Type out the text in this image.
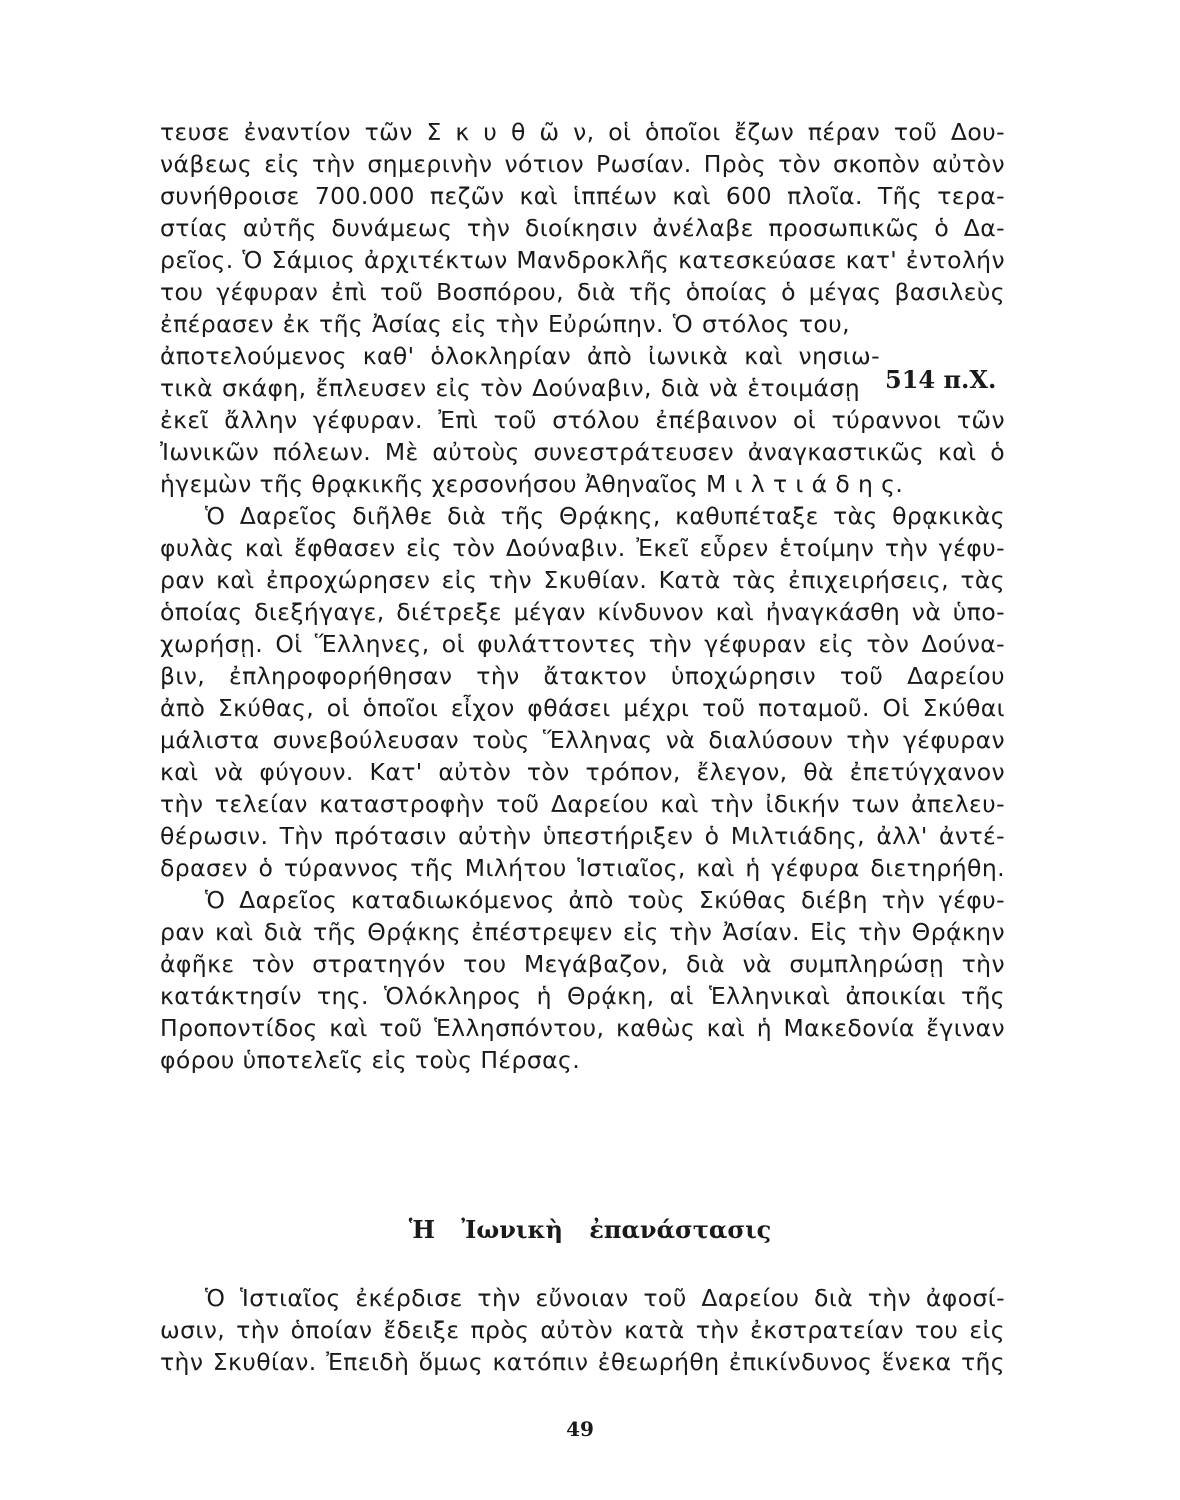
τευσε ἐναντίον τῶν Σ κ υ θ ῶ ν, οἱ ὁποῖοι ἔζων πέραν τοῦ Δου-

νάβεως εἰς τὴν σημερινὴν νότιον Ρωσίαν. Πρὸς τὸν σκοπὸν αὐτὸν

συνήθροισε 700.000 πεζῶν καὶ ἱππέων καὶ 600 πλοῖα. Τῆς τερα-

στίας αὐτῆς δυνάμεως τὴν διοίκησιν ἀνέλαβε προσωπικῶς ὁ Δα-

ρεῖος. Ὁ Σάμιος ἀρχιτέκτων Μανδροκλῆς κατεσκεύασε κατ' ἐντολήν

του γέφυραν ἐπὶ τοῦ Βοσπόρου, διὰ τῆς ὁποίας ὁ μέγας βασιλεὺς

ἐπέρασεν ἐκ τῆς Ἀσίας εἰς τὴν Εὐρώπην. Ὁ στόλος του,

ἀποτελούμενος καθ' ὁλοκληρίαν ἀπὸ ἰωνικὰ καὶ νησιω-

τικὰ σκάφη, ἔπλευσεν εἰς τὸν Δούναβιν, διὰ νὰ ἑτοιμάσῃ

ἐκεῖ ἄλλην γέφυραν. Ἐπὶ τοῦ στόλου ἐπέβαινον οἱ τύραννοι τῶν

Ἰωνικῶν πόλεων. Μὲ αὐτοὺς συνεστράτευσεν ἀναγκαστικῶς καὶ ὁ

ἡγεμὼν τῆς θρᾳκικῆς χερσονήσου Ἀθηναῖος Μ ι λ τ ι ά δ η ς.

514 π.Χ.

Ὁ Δαρεῖος διῆλθε διὰ τῆς Θρᾴκης, καθυπέταξε τὰς θρᾳκικὰς

φυλὰς καὶ ἔφθασεν εἰς τὸν Δούναβιν. Ἐκεῖ εὗρεν ἑτοίμην τὴν γέφυ-

ραν καὶ ἐπροχώρησεν εἰς τὴν Σκυθίαν. Κατὰ τὰς ἐπιχειρήσεις, τὰς

ὁποίας διεξήγαγε, διέτρεξε μέγαν κίνδυνον καὶ ἠναγκάσθη νὰ ὑπο-

χωρήσῃ. Οἱ Ἕλληνες, οἱ φυλάττοντες τὴν γέφυραν εἰς τὸν Δούνα-

βιν, ἐπληροφορήθησαν τὴν ἄτακτον ὑποχώρησιν τοῦ Δαρείου

ἀπὸ Σκύθας, οἱ ὁποῖοι εἶχον φθάσει μέχρι τοῦ ποταμοῦ. Οἱ Σκύθαι

μάλιστα συνεβούλευσαν τοὺς Ἕλληνας νὰ διαλύσουν τὴν γέφυραν

καὶ νὰ φύγουν. Κατ' αὐτὸν τὸν τρόπον, ἔλεγον, θὰ ἐπετύγχανον

τὴν τελείαν καταστροφὴν τοῦ Δαρείου καὶ τὴν ἰδικήν των ἀπελευ-

θέρωσιν. Τὴν πρότασιν αὐτὴν ὑπεστήριξεν ὁ Μιλτιάδης, ἀλλ' ἀντέ-

δρασεν ὁ τύραννος τῆς Μιλήτου Ἱστιαῖος, καὶ ἡ γέφυρα διετηρήθη.

Ὁ Δαρεῖος καταδιωκόμενος ἀπὸ τοὺς Σκύθας διέβη τὴν γέφυ-

ραν καὶ διὰ τῆς Θρᾴκης ἐπέστρεψεν εἰς τὴν Ἀσίαν. Εἰς τὴν Θρᾴκην

ἀφῆκε τὸν στρατηγόν του Μεγάβαζον, διὰ νὰ συμπληρώσῃ τὴν

κατάκτησίν της. Ὁλόκληρος ἡ Θρᾴκη, αἱ Ἑλληνικαὶ ἀποικίαι τῆς

Προποντίδος καὶ τοῦ Ἑλλησπόντου, καθὼς καὶ ἡ Μακεδονία ἔγιναν

φόρου ὑποτελεῖς εἰς τοὺς Πέρσας.

Ἡ Ἰωνικὴ ἐπανάστασις

Ὁ Ἱστιαῖος ἐκέρδισε τὴν εὔνοιαν τοῦ Δαρείου διὰ τὴν ἀφοσί-

ωσιν, τὴν ὁποίαν ἔδειξε πρὸς αὐτὸν κατὰ τὴν ἐκστρατείαν του εἰς

τὴν Σκυθίαν. Ἐπειδὴ ὅμως κατόπιν ἐθεωρήθη ἐπικίνδυνος ἕνεκα τῆς

49
